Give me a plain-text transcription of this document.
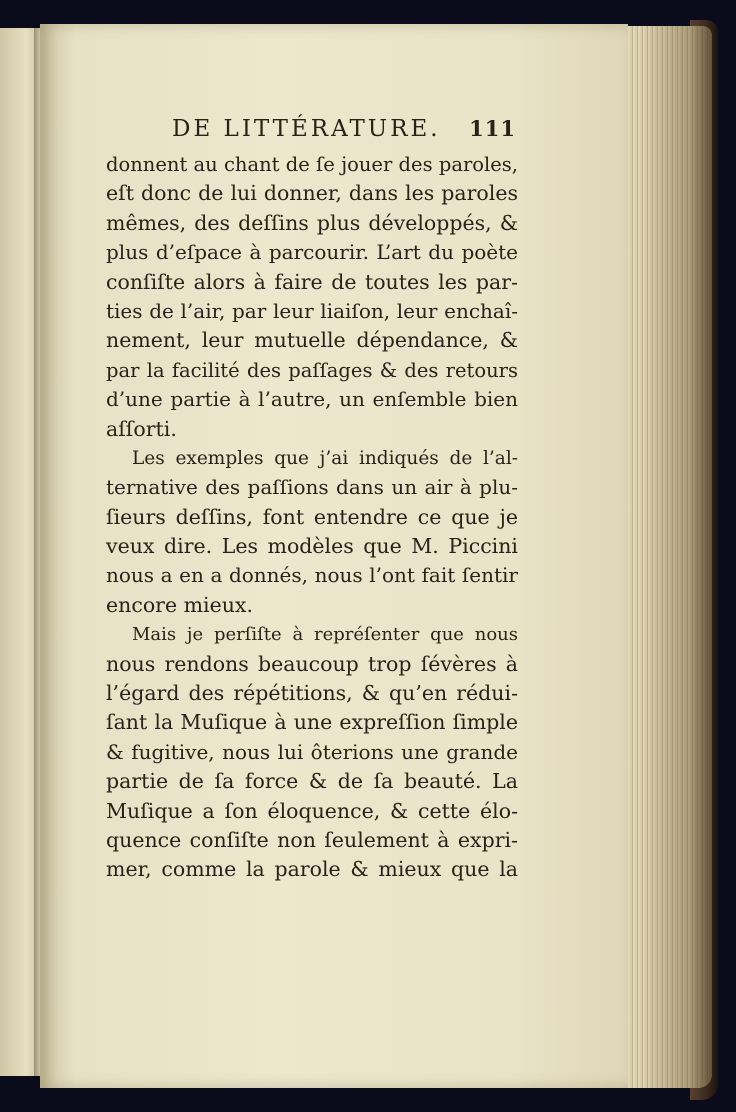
DE LITTÉRATURE. 111
donnent au chant de ſe jouer des paroles,
eſt donc de lui donner, dans les paroles
mêmes, des deſſins plus développés, &
plus d’eſpace à parcourir. L’art du poète
conſiſte alors à faire de toutes les par-
ties de l’air, par leur liaiſon, leur enchaî-
nement, leur mutuelle dépendance, &
par la facilité des paſſages & des retours
d’une partie à l’autre, un enſemble bien
aſſorti.
Les exemples que j’ai indiqués de l’al-
ternative des paſſions dans un air à plu-
ſieurs deſſins, font entendre ce que je
veux dire. Les modèles que M. Piccini
nous a en a donnés, nous l’ont fait ſentir
encore mieux.
Mais je perſiſte à repréſenter que nous
nous rendons beaucoup trop ſévères à
l’égard des répétitions, & qu’en rédui-
ſant la Muſique à une expreſſion ſimple
& fugitive, nous lui ôterions une grande
partie de ſa force & de ſa beauté. La
Muſique a ſon éloquence, & cette élo-
quence conſiſte non ſeulement à expri-
mer, comme la parole & mieux que la
